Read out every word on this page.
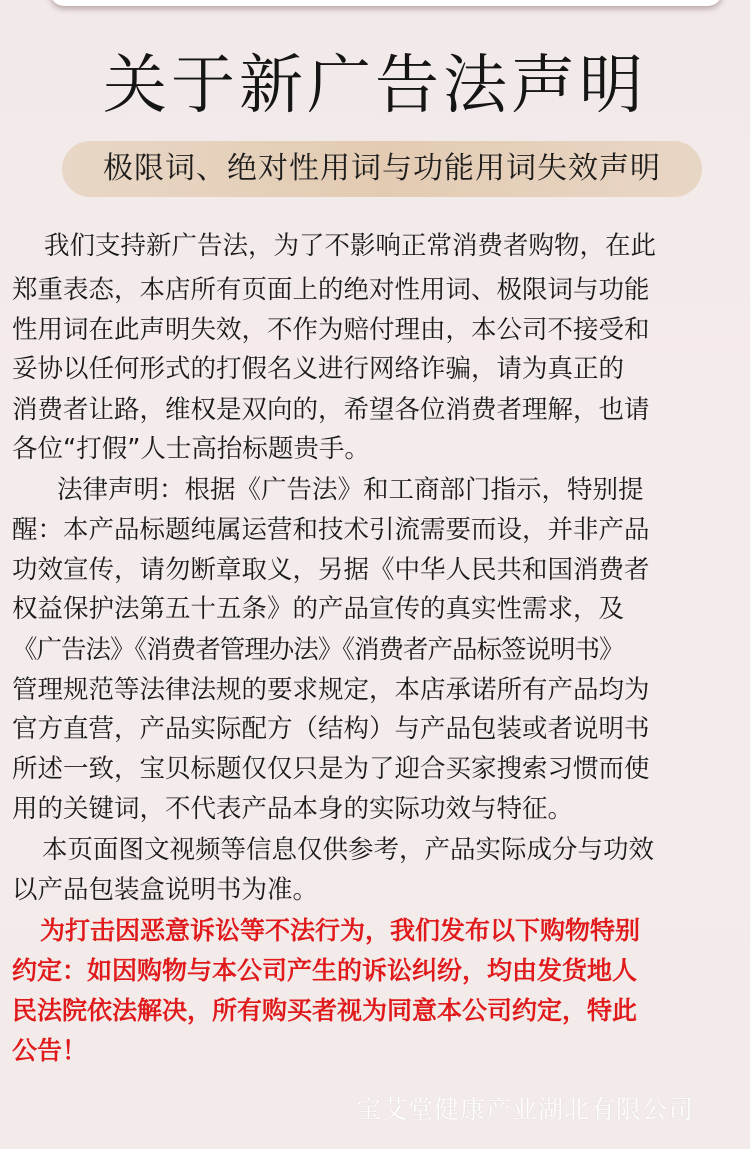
关于新广告法声明
极限词、绝对性用词与功能用词失效声明

我们支持新广告法，为了不影响正常消费者购物，在此

郑重表态，本店所有页面上的绝对性用词、极限词与功能

性用词在此声明失效，不作为赔付理由，本公司不接受和

妥协以任何形式的打假名义进行网络诈骗，请为真正的

消费者让路，维权是双向的，希望各位消费者理解，也请

各位“打假”人士高抬标题贵手。

法律声明：根据《广告法》和工商部门指示，特别提

醒：本产品标题纯属运营和技术引流需要而设，并非产品

功效宣传，请勿断章取义，另据《中华人民共和国消费者

权益保护法第五十五条》的产品宣传的真实性需求，及

《广告法》《消费者管理办法》《消费者产品标签说明书》

管理规范等法律法规的要求规定，本店承诺所有产品均为

官方直营，产品实际配方（结构）与产品包装或者说明书

所述一致，宝贝标题仅仅只是为了迎合买家搜索习惯而使

用的关键词，不代表产品本身的实际功效与特征。

本页面图文视频等信息仅供参考，产品实际成分与功效

以产品包装盒说明书为准。

为打击因恶意诉讼等不法行为，我们发布以下购物特别

约定：如因购物与本公司产生的诉讼纠纷，均由发货地人

民法院依法解决，所有购买者视为同意本公司约定，特此

公告！

宝艾堂健康产业湖北有限公司
